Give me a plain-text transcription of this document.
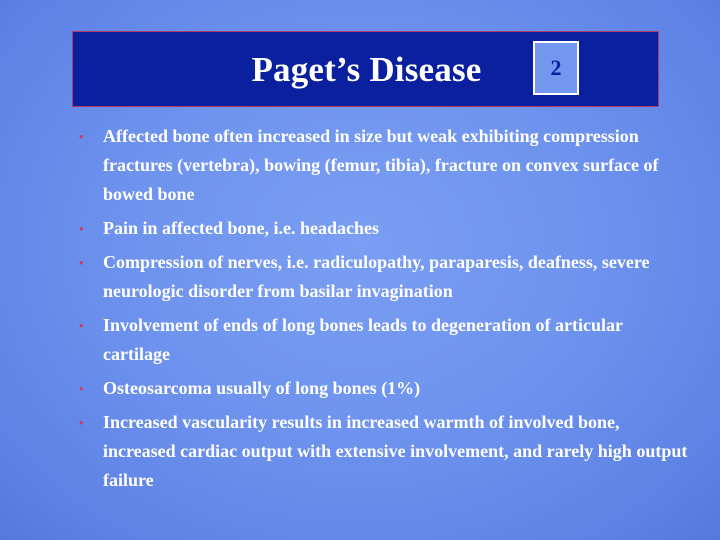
Paget’s Disease	2
• Affected bone often increased in size but weak exhibiting compression fractures (vertebra), bowing (femur, tibia), fracture on convex surface of bowed bone
• Pain in affected bone, i.e. headaches
• Compression of nerves, i.e. radiculopathy, paraparesis, deafness, severe neurologic disorder from basilar invagination
• Involvement of ends of long bones leads to degeneration of articular cartilage
• Osteosarcoma usually of long bones (1%)
• Increased vascularity results in increased warmth of involved bone, increased cardiac output with extensive involvement, and rarely high output failure
